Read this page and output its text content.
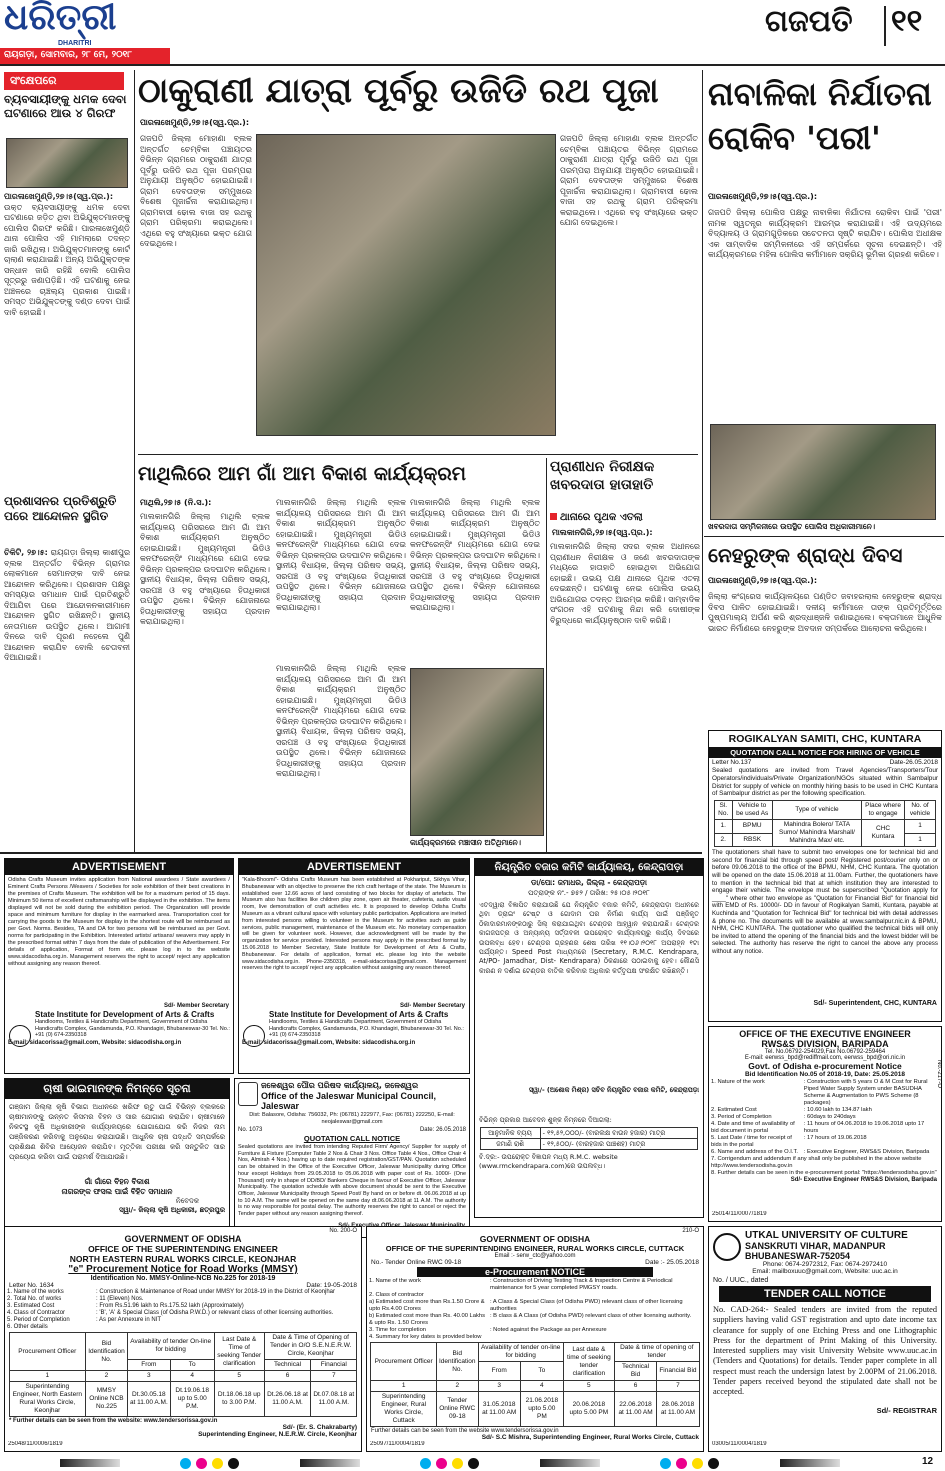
ଧରିତ୍ରୀ
DHARITRI
ରାୟଗଡ଼ା, ସୋମବାର, ୨୮ ମେ, ୨୦୧୮
ଗଜପତି	୧୧
ସଂକ୍ଷେପରେ
ବ୍ୟବସାୟୀଙ୍କୁ ଧମକ ଦେବା ଘଟଣାରେ ଆଉ ୪ ଗିରଫ
ପାରଳାଖେମୁଣ୍ଡି,୨୭।୫(ସ୍ୱ.ପ୍ର.): ଉକ୍ତ ବ୍ୟବସାୟୀଙ୍କୁ ଧମକ ଦେବା ଘଟଣାରେ ଜଡ଼ିତ ଥିବା ଅଭିଯୁକ୍ତମାନଙ୍କୁ ପୋଲିସ ଗିରଫ କରିଛି। ପାରଳାଖେମୁଣ୍ଡି ଥାନା ପୋଲିସ ଏହି ମାମଲାରେ ତଦନ୍ତ ଜାରି ରଖିଥିଲା। ଅଭିଯୁକ୍ତମାନଙ୍କୁ କୋର୍ଟ ଚାଲାଣ କରାଯାଇଛି। ଅନ୍ୟ ଅଭିଯୁକ୍ତଙ୍କ ସନ୍ଧାନ ଜାରି ରହିଛି ବୋଲି ପୋଲିସ ସୂତ୍ରରୁ ଜଣାପଡ଼ିଛି। ଏହି ଘଟଣାକୁ ନେଇ ଅଞ୍ଚଳରେ ଚାଞ୍ଚଲ୍ୟ ପ୍ରକାଶ ପାଇଛି। ସମସ୍ତ ଅଭିଯୁକ୍ତଙ୍କୁ ଦଣ୍ଡ ଦେବା ପାଇଁ ଦାବି ହୋଇଛି।
ପ୍ରଶାସନର ପ୍ରତିଶ୍ରୁତି ପରେ ଆନ୍ଦୋଳନ ସ୍ଥଗିତ
ଚିକିଟି, ୨୭।୫: ରାୟଗଡ଼ା ଜିଲ୍ଲା କାଶୀପୁର ବ୍ଲକ ଅନ୍ତର୍ଗତ ବିଭିନ୍ନ ଗ୍ରାମର ଲୋକମାନେ ସେମାନଙ୍କ ଦାବି ନେଇ ଆନ୍ଦୋଳନ କରିଥିଲେ। ପ୍ରଶାସନ ପକ୍ଷରୁ ସମସ୍ୟାର ସମାଧାନ ପାଇଁ ପ୍ରତିଶ୍ରୁତି ଦିଆଯିବା ପରେ ଆନ୍ଦୋଳନକାରୀମାନେ ଆନ୍ଦୋଳନ ସ୍ଥଗିତ ରଖିଛନ୍ତି। ସ୍ଥାନୀୟ ନେତାମାନେ ଉପସ୍ଥିତ ଥିଲେ। ଆଗାମୀ ଦିନରେ ଦାବି ପୂରଣ ନହେଲେ ପୁଣି ଆନ୍ଦୋଳନ କରାଯିବ ବୋଲି ଚେତାବନୀ ଦିଆଯାଇଛି।
ଠାକୁରାଣୀ ଯାତ୍ରା ପୂର୍ବରୁ ଉଜିଡି ରଥ ପୂଜା
ପାରଳାଖେମୁଣ୍ଡି,୨୭।୫(ସ୍ୱ.ପ୍ର.):
ଗଜପତି ଜିଲ୍ଲା ମୋହାଣା ବ୍ଲକ ଅନ୍ତର୍ଗତ ଚେମ୍ବିକା ପଞ୍ଚାୟତର ବିଭିନ୍ନ ଗ୍ରାମରେ ଠାକୁରାଣୀ ଯାତ୍ରା ପୂର୍ବରୁ ଉଜିଡି ରଥ ପୂଜା ପରମ୍ପରା ଅନୁଯାୟୀ ଅନୁଷ୍ଠିତ ହୋଇଯାଇଛି। ଗ୍ରାମ ଦେବତାଙ୍କ ସମ୍ମୁଖରେ ବିଶେଷ ପୂଜାର୍ଚ୍ଚନା କରାଯାଇଥିଲା। ଗ୍ରାମବାସୀ ଢୋଲ ବାଜା ସହ ରଥକୁ ଗ୍ରାମ ପରିକ୍ରମା କରାଇଥିଲେ। ଏଥିରେ ବହୁ ସଂଖ୍ୟାରେ ଭକ୍ତ ଯୋଗ ଦେଇଥିଲେ।
ଗଜପତି ଜିଲ୍ଲା ମୋହାଣା ବ୍ଲକ ଅନ୍ତର୍ଗତ ଚେମ୍ବିକା ପଞ୍ଚାୟତର ବିଭିନ୍ନ ଗ୍ରାମରେ ଠାକୁରାଣୀ ଯାତ୍ରା ପୂର୍ବରୁ ଉଜିଡି ରଥ ପୂଜା ପରମ୍ପରା ଅନୁଯାୟୀ ଅନୁଷ୍ଠିତ ହୋଇଯାଇଛି। ଗ୍ରାମ ଦେବତାଙ୍କ ସମ୍ମୁଖରେ ବିଶେଷ ପୂଜାର୍ଚ୍ଚନା କରାଯାଇଥିଲା। ଗ୍ରାମବାସୀ ଢୋଲ ବାଜା ସହ ରଥକୁ ଗ୍ରାମ ପରିକ୍ରମା କରାଇଥିଲେ। ଏଥିରେ ବହୁ ସଂଖ୍ୟାରେ ଭକ୍ତ ଯୋଗ ଦେଇଥିଲେ।
ନାବାଳିକା ନିର୍ଯାତନା ରୋକିବ 'ପରୀ'
ପାରଳାଖେମୁଣ୍ଡି,୨୭।୫(ସ୍ୱ.ପ୍ର.):
ଗଜପତି ଜିଲ୍ଲା ପୋଲିସ ପକ୍ଷରୁ ନାବାଳିକା ନିର୍ଯାତନା ରୋକିବା ପାଇଁ 'ପରୀ' ନାମକ ସ୍ୱତନ୍ତ୍ର କାର୍ଯ୍ୟକ୍ରମ ଆରମ୍ଭ କରାଯାଇଛି। ଏହି ଉଦ୍ୟମରେ ବିଦ୍ୟାଳୟ ଓ ଗ୍ରାମଗୁଡ଼ିକରେ ସଚେତନତା ସୃଷ୍ଟି କରାଯିବ। ପୋଲିସ ଅଧୀକ୍ଷକ ଏକ ସାମ୍ବାଦିକ ସମ୍ମିଳନୀରେ ଏହି ସମ୍ପର୍କରେ ସୂଚନା ଦେଇଛନ୍ତି। ଏହି କାର୍ଯ୍ୟକ୍ରମରେ ମହିଳା ପୋଲିସ କର୍ମୀମାନେ ସକ୍ରିୟ ଭୂମିକା ଗ୍ରହଣ କରିବେ।
ଖବରଦାତା ସମ୍ମିଳନୀରେ ଉପସ୍ଥିତ ପୋଲିସ ଅଧିକାରୀମାନେ।
ନେହରୁଙ୍କ ଶ୍ରାଦ୍ଧ ଦିବସ
ପାରଳାଖେମୁଣ୍ଡି,୨୭।୫(ସ୍ୱ.ପ୍ର.):
ଜିଲ୍ଲା କଂଗ୍ରେସ କାର୍ଯ୍ୟାଳୟରେ ପଣ୍ଡିତ ଜବାହରଲାଲ ନେହରୁଙ୍କ ଶ୍ରାଦ୍ଧ ଦିବସ ପାଳିତ ହୋଇଯାଇଛି। ଦଳୀୟ କର୍ମୀମାନେ ତାଙ୍କ ପ୍ରତିମୂର୍ତ୍ତିରେ ପୁଷ୍ପମାଲ୍ୟ ଅର୍ପଣ କରି ଶ୍ରଦ୍ଧାଞ୍ଜଳି ଜଣାଇଥିଲେ। ବକ୍ତାମାନେ ଆଧୁନିକ ଭାରତ ନିର୍ମାଣରେ ନେହରୁଙ୍କ ଅବଦାନ ସମ୍ପର୍କରେ ଆଲୋଚନା କରିଥିଲେ।
ମାଥିଲିରେ ଆମ ଗାଁ ଆମ ବିକାଶ କାର୍ଯ୍ୟକ୍ରମ
ମାଥିଲି,୨୭।୫ (ନି.ସ.):
ମାଲକାନଗିରି ଜିଲ୍ଲା ମାଥିଲି ବ୍ଲକ କାର୍ଯ୍ୟାଳୟ ପରିସରରେ ଆମ ଗାଁ ଆମ ବିକାଶ କାର୍ଯ୍ୟକ୍ରମ ଅନୁଷ୍ଠିତ ହୋଇଯାଇଛି। ମୁଖ୍ୟମନ୍ତ୍ରୀ ଭିଡିଓ କନଫରେନ୍ସିଂ ମାଧ୍ୟମରେ ଯୋଗ ଦେଇ ବିଭିନ୍ନ ପ୍ରକଳ୍ପର ଉଦଘାଟନ କରିଥିଲେ। ସ୍ଥାନୀୟ ବିଧାୟକ, ଜିଲ୍ଲା ପରିଷଦ ସଭ୍ୟ, ସରପଞ୍ଚ ଓ ବହୁ ସଂଖ୍ୟାରେ ହିତାଧିକାରୀ ଉପସ୍ଥିତ ଥିଲେ। ବିଭିନ୍ନ ଯୋଜନାରେ ହିତାଧିକାରୀଙ୍କୁ ସହାୟତା ପ୍ରଦାନ କରାଯାଇଥିଲା।
ମାଲକାନଗିରି ଜିଲ୍ଲା ମାଥିଲି ବ୍ଲକ କାର୍ଯ୍ୟାଳୟ ପରିସରରେ ଆମ ଗାଁ ଆମ ବିକାଶ କାର୍ଯ୍ୟକ୍ରମ ଅନୁଷ୍ଠିତ ହୋଇଯାଇଛି। ମୁଖ୍ୟମନ୍ତ୍ରୀ ଭିଡିଓ କନଫରେନ୍ସିଂ ମାଧ୍ୟମରେ ଯୋଗ ଦେଇ ବିଭିନ୍ନ ପ୍ରକଳ୍ପର ଉଦଘାଟନ କରିଥିଲେ। ସ୍ଥାନୀୟ ବିଧାୟକ, ଜିଲ୍ଲା ପରିଷଦ ସଭ୍ୟ, ସରପଞ୍ଚ ଓ ବହୁ ସଂଖ୍ୟାରେ ହିତାଧିକାରୀ ଉପସ୍ଥିତ ଥିଲେ। ବିଭିନ୍ନ ଯୋଜନାରେ ହିତାଧିକାରୀଙ୍କୁ ସହାୟତା ପ୍ରଦାନ କରାଯାଇଥିଲା।
ମାଲକାନଗିରି ଜିଲ୍ଲା ମାଥିଲି ବ୍ଲକ କାର୍ଯ୍ୟାଳୟ ପରିସରରେ ଆମ ଗାଁ ଆମ ବିକାଶ କାର୍ଯ୍ୟକ୍ରମ ଅନୁଷ୍ଠିତ ହୋଇଯାଇଛି। ମୁଖ୍ୟମନ୍ତ୍ରୀ ଭିଡିଓ କନଫରେନ୍ସିଂ ମାଧ୍ୟମରେ ଯୋଗ ଦେଇ ବିଭିନ୍ନ ପ୍ରକଳ୍ପର ଉଦଘାଟନ କରିଥିଲେ। ସ୍ଥାନୀୟ ବିଧାୟକ, ଜିଲ୍ଲା ପରିଷଦ ସଭ୍ୟ, ସରପଞ୍ଚ ଓ ବହୁ ସଂଖ୍ୟାରେ ହିତାଧିକାରୀ ଉପସ୍ଥିତ ଥିଲେ। ବିଭିନ୍ନ ଯୋଜନାରେ ହିତାଧିକାରୀଙ୍କୁ ସହାୟତା ପ୍ରଦାନ କରାଯାଇଥିଲା।
ମାଲକାନଗିରି ଜିଲ୍ଲା ମାଥିଲି ବ୍ଲକ କାର୍ଯ୍ୟାଳୟ ପରିସରରେ ଆମ ଗାଁ ଆମ ବିକାଶ କାର୍ଯ୍ୟକ୍ରମ ଅନୁଷ୍ଠିତ ହୋଇଯାଇଛି। ମୁଖ୍ୟମନ୍ତ୍ରୀ ଭିଡିଓ କନଫରେନ୍ସିଂ ମାଧ୍ୟମରେ ଯୋଗ ଦେଇ ବିଭିନ୍ନ ପ୍ରକଳ୍ପର ଉଦଘାଟନ କରିଥିଲେ। ସ୍ଥାନୀୟ ବିଧାୟକ, ଜିଲ୍ଲା ପରିଷଦ ସଭ୍ୟ, ସରପଞ୍ଚ ଓ ବହୁ ସଂଖ୍ୟାରେ ହିତାଧିକାରୀ ଉପସ୍ଥିତ ଥିଲେ। ବିଭିନ୍ନ ଯୋଜନାରେ ହିତାଧିକାରୀଙ୍କୁ ସହାୟତା ପ୍ରଦାନ କରାଯାଇଥିଲା।
କାର୍ଯ୍ୟକ୍ରମରେ ମଞ୍ଚାସୀନ ଅତିଥିମାନେ।
ପ୍ରାଣୀଧନ ନିରୀକ୍ଷକ ଖବରଦାତା ହାତାହାତି
ଥାନାରେ ପୃଥକ ଏତଲା
ମାଲକାନଗିରି,୨୭।୫(ସ୍ୱ.ପ୍ର.):
ମାଲକାନଗିରି ଜିଲ୍ଲା ସଦର ବ୍ଲକ ଅଧୀନରେ ପ୍ରାଣୀଧନ ନିରୀକ୍ଷକ ଓ ଜଣେ ଖବରଦାତାଙ୍କ ମଧ୍ୟରେ ହାତାହାତି ହୋଇଥିବା ଅଭିଯୋଗ ହୋଇଛି। ଉଭୟ ପକ୍ଷ ଥାନାରେ ପୃଥକ ଏତଲା ଦେଇଛନ୍ତି। ଘଟଣାକୁ ନେଇ ପୋଲିସ ଉଭୟ ଅଭିଯୋଗର ତଦନ୍ତ ଆରମ୍ଭ କରିଛି। ସାମ୍ବାଦିକ ସଂଗଠନ ଏହି ଘଟଣାକୁ ନିନ୍ଦା କରି ଦୋଷୀଙ୍କ ବିରୁଦ୍ଧରେ କାର୍ଯ୍ୟାନୁଷ୍ଠାନ ଦାବି କରିଛି।
ADVERTISEMENT
Odisha Crafts Museum invites application from National awardees / State awardees / Eminent Crafts Persons /Weavers / Societies for sole exhibition of their best creations in the premises of Crafts Museum. The exhibition will be for a maximum period of 15 days. Minimum 50 items of excellent craftsmanship will be displayed in the exhibition. The items displayed will not be sold during the exhibition period. The Organization will provide space and minimum furniture for display in the earmarked area. Transportation cost for carrying the goods to the Museum for display in the shortest route will be reimbursed as per Govt. Norms. Besides, TA and DA for two persons will be reimbursed as per Govt. norms for participating in the Exhibition. Interested artists/ artisans/ weavers may apply in the prescribed format within 7 days from the date of publication of the Advertisement. For details of application, Format of form etc. please log in to the website www.sidacodisha.org.in. Management reserves the right to accept/ reject any application without assigning any reason thereof.
Sd/- Member Secretary
State Institute for Development of Arts & Crafts
Handlooms, Textiles & Handicrafts Department, Government of Odisha Handicrafts Complex, Gandamunda, P.O. Khandagiri, Bhubaneswar-30 Tel. No.: +91 (0) 674-2350318
E-mail: sidacorissa@gmail.com, Website: sidacodisha.org.in
ADVERTISEMENT
"Kala-Bhoomi"- Odisha Crafts Museum has been established at Pokhariput, Sikhya Vihar, Bhubaneswar with an objective to preserve the rich craft heritage of the state. The Museum is established over 12.66 acres of land consisting of two blocks for display of artefacts. The Museum also has facilities like children play zone, open air theater, cafeteria, audio visual room, live demonstration of craft activities etc. It is proposed to develop Odisha Crafts Museum as a vibrant cultural space with voluntary public participation. Applications are invited from interested persons willing to volunteer in the Museum for activities such as guide services, public management, maintenance of the Museum etc. No monetary compensation will be given for volunteer work. However, due acknowledgment will be made by the organization for service provided. Interested persons may apply in the prescribed format by 15.06.2018 to Member Secretary, State Institute for Development of Arts & Crafts, Bhubaneswar. For details of application, format etc. please log into the website www.sidacodisha.org.in. Phone-2350318, e-mail-sidacorissa@gmail.com. Management reserves the right to accept/ reject any application without assigning any reason thereof.
Sd/- Member Secretary
State Institute for Development of Arts & Crafts
Handlooms, Textiles & Handicrafts Department, Government of Odisha Handicrafts Complex, Gandamunda, P.O. Khandagiri, Bhubaneswar-30 Tel. No.: +91 (0) 674-2350318
E-mail: sidacorissa@gmail.com, Website: sidacodisha.org.in
ନିୟନ୍ତ୍ରିତ ବଜାର କମିଟି କାର୍ଯ୍ୟାଳୟ, କେନ୍ଦ୍ରାପଡ଼ା
ଡା/ପୋ: ଜମାଧର, ଜିଲ୍ଲା - କେନ୍ଦ୍ରାପଡ଼ା
ପତ୍ରାଙ୍କ ନଂ.- ୭୫୨ / ତାରିଖ: ୨୫।୦୫।୨୦୧୮
ଏତଦ୍ୱାରା ବିଜ୍ଞାପିତ କରାଯାଉଛି ଯେ ନିୟନ୍ତ୍ରିତ ବଜାର କମିଟି, କେନ୍ଦ୍ରାପଡ଼ା ଅଧୀନରେ ଥିବା ଡ୍ରାଇଂ ଟେଷ୍ଟ ଓ ଗୋଦାମ ଘର ନିର୍ମାଣ କାର୍ଯ୍ୟ ପାଇଁ ପଞ୍ଜିକୃତ ଠିକାଦାରମାନଙ୍କଠାରୁ ସିଲ୍‌ କରାଯାଇଥିବା ଟେଣ୍ଡର ଆହ୍ୱାନ କରାଯାଉଛି। ଟେଣ୍ଡର କାଗଜପତ୍ର ଓ ଅନ୍ୟାନ୍ୟ ସର୍ତ୍ତାବଳୀ ଉପରୋକ୍ତ କାର୍ଯ୍ୟାଳୟରୁ କାର୍ଯ୍ୟ ଦିବସରେ ଉପଲବ୍ଧ ହେବ। ଟେଣ୍ଡର ଗ୍ରହଣର ଶେଷ ତାରିଖ ୧୧।୦୬।୨୦୧୮ ଅପରାହ୍ନ ୧ଟା ପର୍ଯ୍ୟନ୍ତ। Speed Post ମାଧ୍ୟମରେ (Secretary, R.M.C. Kendrapara, At/PO- Jamadhar, Dist- Kendrapara) ଠିକଣାରେ ପଠାଇବାକୁ ହେବ। କୌଣସି କାରଣ ନ ଦର୍ଶାଇ ଟେଣ୍ଡର ବାତିଲ କରିବାର ଅଧିକାର କର୍ତ୍ତୃପକ୍ଷ ସଂରକ୍ଷିତ ରଖିଛନ୍ତି।
ସ୍ୱା/- (ଅଶୋକ ମିଶ୍ର) ସଚିବ ନିୟନ୍ତ୍ରିତ ବଜାର କମିଟି, କେନ୍ଦ୍ରାପଡ଼ା
ବିଭିନ୍ନ ପ୍ରକାର ଆବେଦନ ଶୁଳ୍କ ନିମ୍ନରେ ଦିଆଗଲା:
ଆନୁମାନିକ ବ୍ୟୟ	- ୧୨,୫୨,୦୦୦/- (ବାରଲକ୍ଷ ବାଉନ ହଜାର) ମାତ୍ର
ଜମାଣି ରାଶି	- ୧୨,୫୦୦/- (ବାରହଜାର ପାଞ୍ଚଶହ) ମାତ୍ର
ବି.ଦ୍ର:- ଉପରୋକ୍ତ ବିଜ୍ଞାପନ ମଧ୍ୟ R.M.C. website (www.rmckendrapara.com)ରେ ଉପଲବ୍ଧ।
ROGIKALYAN SAMITI, CHC, KUNTARA
QUOTATION CALL NOTICE FOR HIRING OF VEHICLE
Letter No.137	Date-26.05.2018
Sealed quotations are invited from Travel Agencies/Transporters/Tour Operators/individuals/Private Organization/NGOs situated within Sambalpur District for supply of vehicle on monthly hiring basis to be used in CHC Kuntara of Sambalpur district as per the following specification.
Sl. No.	Vehicle to be used As	Type of vehicle	Place where to engage	No. of vehicle
1.	BPMU	Mahindra Bolero/ TATA Sumo/ Mahindra Marshall/ Mahindra Max/ etc.	CHC Kuntara	1
2.	RBSK			1
The quotationers shall have to submit two envelopes one for technical bid and second for financial bid through speed post/ Registered post/courier only on or before 09.06.2018 to the office of the BPMU, NHM, CHC Kuntara. The quotation will be opened on the date 15.06.2018 at 11.00am. Further, the quotationers have to mention in the technical bid that at which institution they are interested to engage their vehicle. The envelope must be superscribed "Quotation apply for ____" where other two envelope as "Quotation for Financial Bid" for financial bid with EMD of Rs. 10000/- DD in favour of Rogikalyan Samiti, Kuntara, payable at Kuchinda and "Quotation for Technical Bid" for technical bid with detail addresses & phone no. The documents will be available at www.sambalpur.nic.in & BPMU, NHM, CHC KUNTARA. The quotationer who qualified the technical bids will only be invited to attend the opening of the financial bids and the lowest bidder will be selected. The authority has reserve the right to cancel the above any process without any notice.
Sd/- Superintendent, CHC, KUNTARA
OFFICE OF THE EXECUTIVE ENGINEER
RWS&S DIVISION, BARIPADA
Tel. No.06792-254029,Fax No.06792-259464
E-mail: eerwss_bpd@rediffmail.com, eerwss_bpd@ori.nic.in
Govt. of Odisha e-procurement Notice
Bid Identification No.05 of 2018-19, Date: 25.05.2018
1. Nature of the work	: Construction with 5 years O & M Cost for Rural Piped Water Supply System under BASUDHA Scheme & Augmentation to PWS Scheme (8 packages)
2. Estimated Cost	: 10.60 lakh to 134.87 lakh
3. Period of Completion	: 60days to 240days
4. Date and time of availability of bid document in portal	: 11 hours of 04.06.2018 to 19.06.2018 upto 17 hours
5. Last Date / time for receipt of bids in the portal	: 17 hours of 19.06.2018
6. Name and address of the O.I.T.	: Executive Engineer, RWS&S Division, Baripada
7. Corrigendum and addendum if any shall only be published in the above website http://www.tendersodisha.gov.in	
8. Further details can be seen in the e-procurement portal: "https://tendersodisha.gov.in"	
Sd/- Executive Engineer RWS&S Division, Baripada
25014/11/0007/1819
No.-217-O
ଚାଷୀ ଭାଇମାନଙ୍କ ନିମନ୍ତେ ସୂଚନା
ଗଞ୍ଜାମ ଜିଲ୍ଲା କୃଷି ବିଭାଗ ଅଧୀନରେ ଖରିଫ ଋତୁ ପାଇଁ ବିଭିନ୍ନ ବ୍ଲକରେ ଚାଷୀମାନଙ୍କୁ ଉନ୍ନତ କିସମର ବିହନ ଓ ସାର ଯୋଗାଣ କରାଯିବ। ଚାଷୀମାନେ ନିକଟସ୍ଥ କୃଷି ଅଧିକାରୀଙ୍କ କାର୍ଯ୍ୟାଳୟରେ ଯୋଗାଯୋଗ କରି ନିଜର ନାମ ପଞ୍ଜିକରଣ କରିବାକୁ ଅନୁରୋଧ କରାଯାଉଛି। ଆଧୁନିକ ଚାଷ ପଦ୍ଧତି ସମ୍ପର୍କରେ ପ୍ରଶିକ୍ଷଣ ଶିବିର ଆୟୋଜନ କରାଯିବ। ମୃତ୍ତିକା ପରୀକ୍ଷା କରି ସନ୍ତୁଳିତ ସାର ପ୍ରୟୋଗ କରିବା ପାଇଁ ପରାମର୍ଶ ଦିଆଯାଉଛି।
ଗାଁ ଗାଁରେ ବିହନ ବିକାଶ
ନାଗରଙ୍କ ଫସଲ ପାଇଁ ବିହିତ ସମାଧାନ
ନିବେଦକ
ସ୍ୱା/- ଜିଲ୍ଲା କୃଷି ଅଧିକାରୀ, ଛତ୍ରପୁର
ଜଳେଶ୍ୱର ପୌର ପରିଷଦ କାର୍ଯ୍ୟାଳୟ, ଜଳେଶ୍ୱର
Office of the Jaleswar Municipal Council, Jaleswar
Dist: Balasore, Odisha: 756032, Ph: (06781) 222977, Fax: (06781) 222250, E-mail: neojaleswar@gmail.com
No. 1073	Date: 26.05.2018
QUOTATION CALL NOTICE
Sealed quotations are invited from intending Reputed Firm/ Agency/ Supplier for supply of Furniture & Fixture (Computer Table 2 Nos & Chair 3 Nos. Office Table 4 Nos., Office Chair 4 Nos, Almirah 4 Nos.) having up to date required registration/GST/PAN. Quotation scheduled can be obtained in the Office of the Executive Officer, Jaleswar Municipality during Office hour except Holidays from 29.05.2018 to 05.06.2018 with paper cost of Rs. 1000/- (One Thousand) only in shape of DD/BD/ Bankers Cheque in favour of Executive Officer, Jaleswar Municipality. The quotation schedule with above document should be sent to the Executive Officer, Jaleswar Municipality through Speed Post/ By hand on or before dt. 06.06.2018 at up to 10 A.M. The same will be opened on the same day dt.06.06.2018 at 11 A.M. The authority is no way responsible for postal delay. The authority reserves the right to cancel or reject the Tender paper without any reason assigning thereof.
No. 200-O
GOVERNMENT OF ODISHA
OFFICE OF THE SUPERINTENDING ENGINEER
NORTH EASTERN RURAL WORKS CIRCLE, KEONJHAR
"e" Procurement Notice for Road Works (MMSY)
Identification No. MMSY-Online-NCB No.225 for 2018-19
Letter No. 1634	Date: 19-05-2018
1. Name of the works	: Construction & Maintenance of Road under MMSY for 2018-19 in the District of Keonjhar
2. Total No. of works	: 11 (Eleven) Nos.
3. Estimated Cost	: From Rs.51.96 lakh to Rs.175.52 lakh (Approximately)
4. Class of Contractor	: 'B', 'A' & Special Class (of Odisha P.W.D.) or relevant class of other licensing authorities.
5. Period of Completion	: As per Annexure in NIT
6. Other details	
Procurement Officer	Bid Identification No.	Availability of tender On-line for bidding		Last Date & Time of seeking Tender clarification	Date & Time of Opening of Tender in O/O S.E.N.E.R.W. Circle, Keonjhar	
		From	To		Technical	Financial
1	2	3	4	5	6	7
Superintending Engineer, North Eastern Rural Works Circle, Keonjhar	MMSY Online NCB No.225	Dt.30.05.18 at 11.00 A.M.	Dt.19.06.18 up to 5.00 P.M.	Dt.18.06.18 up to 3.00 P.M.	Dt.26.06.18 at 11.00 A.M.	Dt.07.08.18 at 11.00 A.M.
* Further details can be seen from the website: www.tendersorissa.gov.in
Sd/- (Er. S. Chakrabarty)
Superintending Engineer, N.E.R.W. Circle, Keonjhar
25048/11/0006/1819
210-O
GOVERNMENT OF ODISHA
OFFICE OF THE SUPERINTENDING ENGINEER, RURAL WORKS CIRCLE, CUTTACK
Email :- serw_ctc@yahoo.com
No.- Tender Online RWC 09-18	Date :- 25.05.2018
e-Procurement NOTICE
1. Name of the work	: Construction of Driving Testing Track & Inspection Centre & Periodical maintenance for 5 year completed PMGSY roads.
2. Class of contractor	
a) Estimated cost more than Rs.1.50 Crore & upto Rs.4.00 Crores	: A Class & Special Class (of Odisha PWD) relevant class of other licensing authorities
b) Estimated cost more than Rs. 40.00 Lakhs & upto Rs. 1.50 Crores	: B class & A Class (of Odisha PWD) relevant class of other licensing authority.
3. Time for completion	: Noted against the Package as per Annexure
4. Summary for key dates is provided below	
Procurement Officer	Bid Identification No.	Availability of tender on-line for bidding		Last date & time of seeking tender clarification	Date & time of opening of tender	
		From	To		Technical Bid	Financial Bid
1	2	3	4	5	6	7
Superintending Engineer, Rural Works Circle, Cuttack	Tender Online RWC 09-18	31.05.2018 at 11.00 AM	21.06.2018 upto 5.00 PM	20.06.2018 upto 5.00 PM	22.06.2018 at 11.00 AM	28.06.2018 at 11.00 AM
Further details can be seen from the website www.tendersorissa.gov.in
Sd/- S.C Mishra, Superintending Engineer, Rural Works Circle, Cuttack
25097/11/0004/1819
UTKAL UNIVERSITY OF CULTURE
SANSKRUTI VIHAR, MADANPUR
BHUBANESWAR-752054
Phone: 0674-2972312, Fax: 0674-2972410
Email: mailboxuuc@gmail.com, Website: uuc.ac.in
No. / UUC., dated
TENDER CALL NOTICE
No. CAD-264:- Sealed tenders are invited from the reputed suppliers having valid GST registration and upto date income tax clearance for supply of one Etching Press and one Lithographic Press for the department of Print Making of this University. Interested suppliers may visit University Website www.uuc.ac.in (Tenders and Quotations) for details. Tender paper complete in all respect must reach the undersign latest by 2.00PM of 21.06.2018. Tender papers received beyond the stipulated date shall not be accepted.
Sd/- REGISTRAR
03005/11/0004/1819
12
